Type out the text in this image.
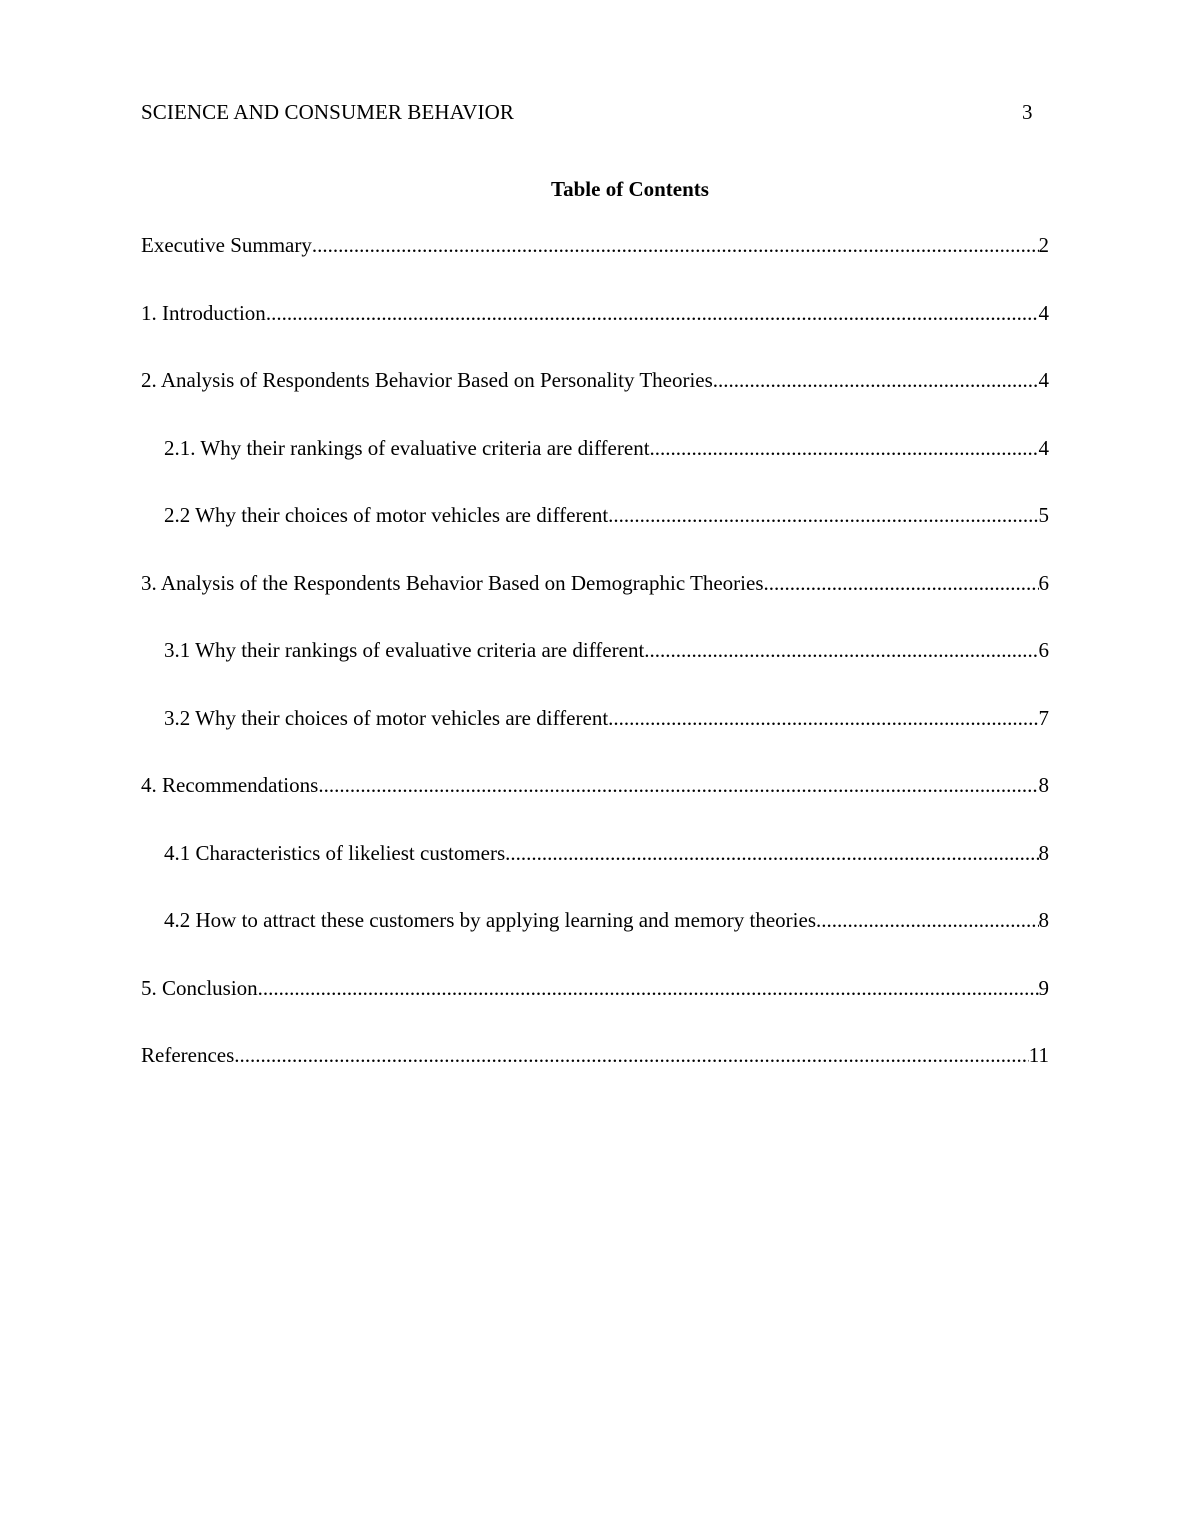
SCIENCE AND CONSUMER BEHAVIOR	3
Table of Contents
Executive Summary .....	2
1. Introduction .....	4
2. Analysis of Respondents Behavior Based on Personality Theories .....	4
2.1. Why their rankings of evaluative criteria are different .....	4
2.2 Why their choices of motor vehicles are different .....	5
3. Analysis of the Respondents Behavior Based on Demographic Theories .....	6
3.1 Why their rankings of evaluative criteria are different .....	6
3.2 Why their choices of motor vehicles are different .....	7
4. Recommendations .....	8
4.1 Characteristics of likeliest customers .....	8
4.2 How to attract these customers by applying learning and memory theories .....	8
5. Conclusion .....	9
References .....	11
